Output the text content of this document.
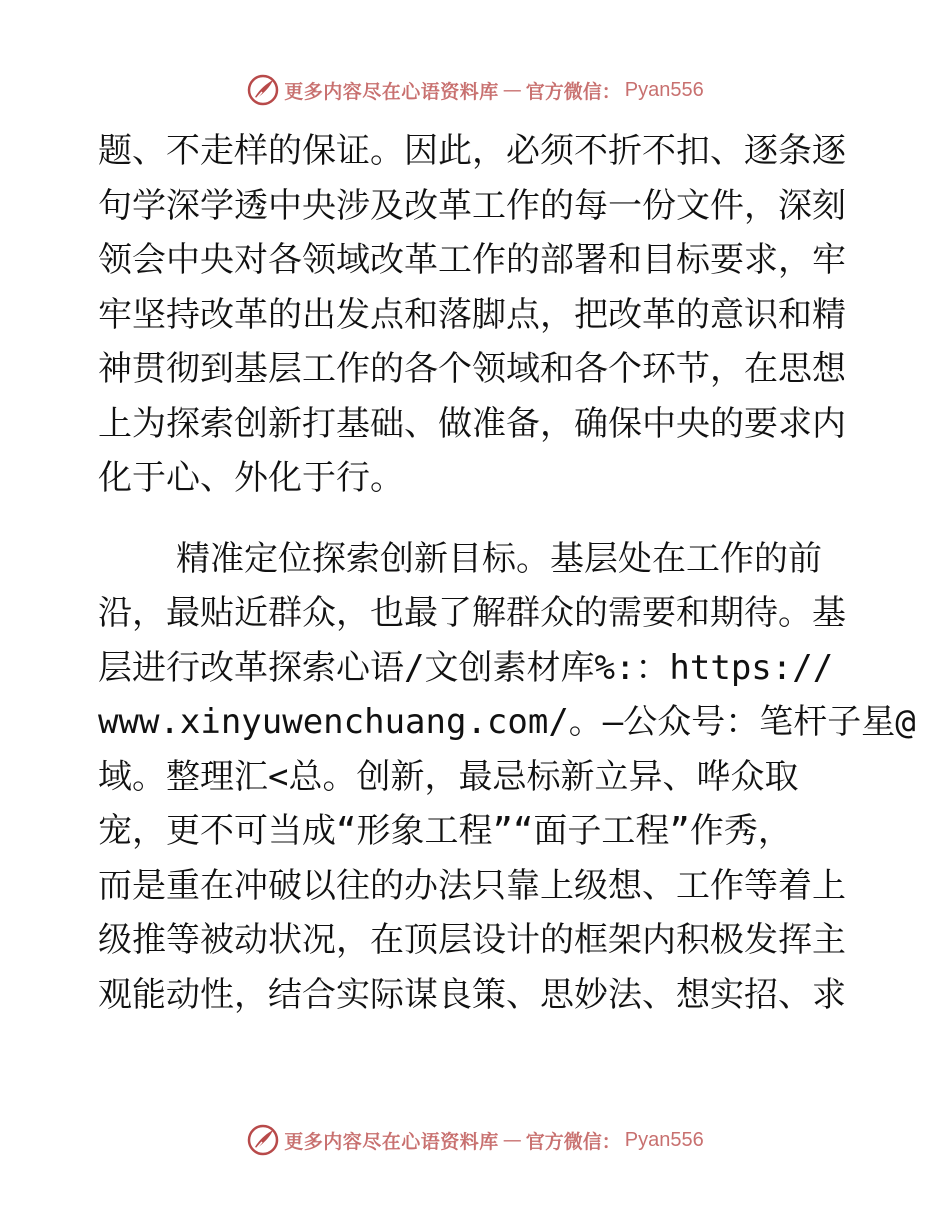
更多内容尽在心语资料库 — 官方微信： Pyan556
题、不走样的保证。因此，必须不折不扣、逐条逐
句学深学透中央涉及改革工作的每一份文件，深刻
领会中央对各领域改革工作的部署和目标要求，牢
牢坚持改革的出发点和落脚点，把改革的意识和精
神贯彻到基层工作的各个领域和各个环节，在思想
上为探索创新打基础、做准备，确保中央的要求内
化于心、外化于行。
精准定位探索创新目标。基层处在工作的前
沿，最贴近群众，也最了解群众的需要和期待。基
层进行改革探索心语/文创素材库%:：https://
www.xinyuwenchuang.com/。—公众号：笔杆子星@
域。整理汇<总。创新，最忌标新立异、哗众取
宠，更不可当成“形象工程”“面子工程”作秀，
而是重在冲破以往的办法只靠上级想、工作等着上
级推等被动状况，在顶层设计的框架内积极发挥主
观能动性，结合实际谋良策、思妙法、想实招、求
更多内容尽在心语资料库 — 官方微信： Pyan556
